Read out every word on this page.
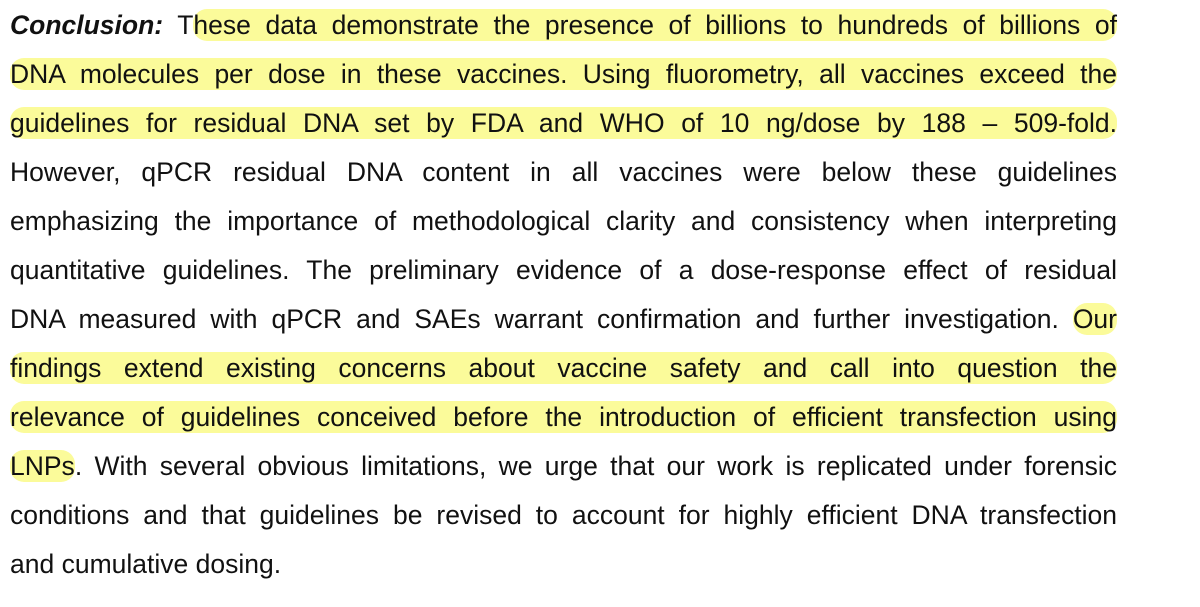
Conclusion: These data demonstrate the presence of billions to hundreds of billions of
DNA molecules per dose in these vaccines. Using fluorometry, all vaccines exceed the
guidelines for residual DNA set by FDA and WHO of 10 ng/dose by 188 – 509-fold.
However, qPCR residual DNA content in all vaccines were below these guidelines
emphasizing the importance of methodological clarity and consistency when interpreting
quantitative guidelines. The preliminary evidence of a dose-response effect of residual
DNA measured with qPCR and SAEs warrant confirmation and further investigation. Our
findings extend existing concerns about vaccine safety and call into question the
relevance of guidelines conceived before the introduction of efficient transfection using
LNPs. With several obvious limitations, we urge that our work is replicated under forensic
conditions and that guidelines be revised to account for highly efficient DNA transfection
and cumulative dosing.
